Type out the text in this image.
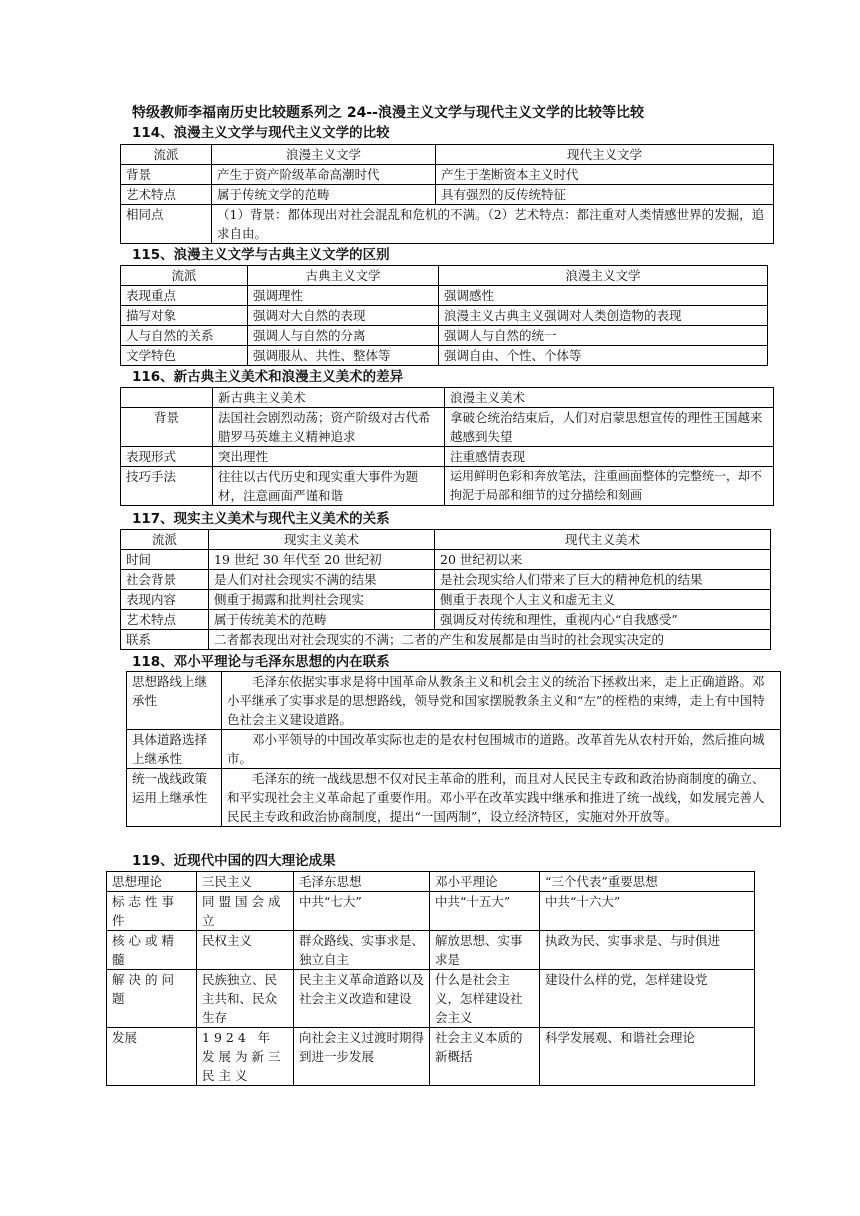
特级教师李福南历史比较题系列之 24--浪漫主义文学与现代主义文学的比较等比较
114、浪漫主义文学与现代主义文学的比较
流派	浪漫主义文学	现代主义文学
背景	产生于资产阶级革命高潮时代	产生于垄断资本主义时代
艺术特点	属于传统文学的范畴	具有强烈的反传统特征
相同点	（1）背景：都体现出对社会混乱和危机的不满。（2）艺术特点：都注重对人类情感世界的发掘，追求自由。	
115、浪漫主义文学与古典主义文学的区别
流派	古典主义文学	浪漫主义文学
表现重点	强调理性	强调感性
描写对象	强调对大自然的表现	浪漫主义古典主义强调对人类创造物的表现
人与自然的关系	强调人与自然的分离	强调人与自然的统一
文学特色	强调服从、共性、整体等	强调自由、个性、个体等
116、新古典主义美术和浪漫主义美术的差异
	新古典主义美术	浪漫主义美术
背景	法国社会剧烈动荡；资产阶级对古代希腊罗马英雄主义精神追求	拿破仑统治结束后，人们对启蒙思想宣传的理性王国越来越感到失望
表现形式	突出理性	注重感情表现
技巧手法	往往以古代历史和现实重大事件为题材，注意画面严谨和谐	运用鲜明色彩和奔放笔法，注重画面整体的完整统一，却不拘泥于局部和细节的过分描绘和刻画
117、现实主义美术与现代主义美术的关系
流派	现实主义美术	现代主义美术
时间	19 世纪 30 年代至 20 世纪初	20 世纪初以来
社会背景	是人们对社会现实不满的结果	是社会现实给人们带来了巨大的精神危机的结果
表现内容	侧重于揭露和批判社会现实	侧重于表现个人主义和虚无主义
艺术特点	属于传统美术的范畴	强调反对传统和理性，重视内心“自我感受”
联系	二者都表现出对社会现实的不满；二者的产生和发展都是由当时的社会现实决定的	
118、邓小平理论与毛泽东思想的内在联系
思想路线上继承性	毛泽东依据实事求是将中国革命从教条主义和机会主义的统治下拯救出来，走上正确道路。邓小平继承了实事求是的思想路线，领导党和国家摆脱教条主义和“左”的桎梏的束缚，走上有中国特色社会主义建设道路。
具体道路选择上继承性	邓小平领导的中国改革实际也走的是农村包围城市的道路。改革首先从农村开始，然后推向城市。
统一战线政策运用上继承性	毛泽东的统一战线思想不仅对民主革命的胜利，而且对人民民主专政和政治协商制度的确立、和平实现社会主义革命起了重要作用。邓小平在改革实践中继承和推进了统一战线，如发展完善人民民主专政和政治协商制度，提出“一国两制”，设立经济特区，实施对外开放等。
119、近现代中国的四大理论成果
思想理论	三民主义	毛泽东思想	邓小平理论	“三个代表”重要思想
标志性事件	同盟国会成立	中共“七大”	中共“十五大”	中共“十六大”
核心或精髓	民权主义	群众路线、实事求是、独立自主	解放思想、实事求是	执政为民、实事求是、与时俱进
解决的问题	民族独立、民主共和、民众生存	民主主义革命道路以及社会主义改造和建设	什么是社会主义，怎样建设社会主义	建设什么样的党，怎样建设党
发展	1924 年发展为新三民主义	向社会主义过渡时期得到进一步发展	社会主义本质的新概括	科学发展观、和谐社会理论
